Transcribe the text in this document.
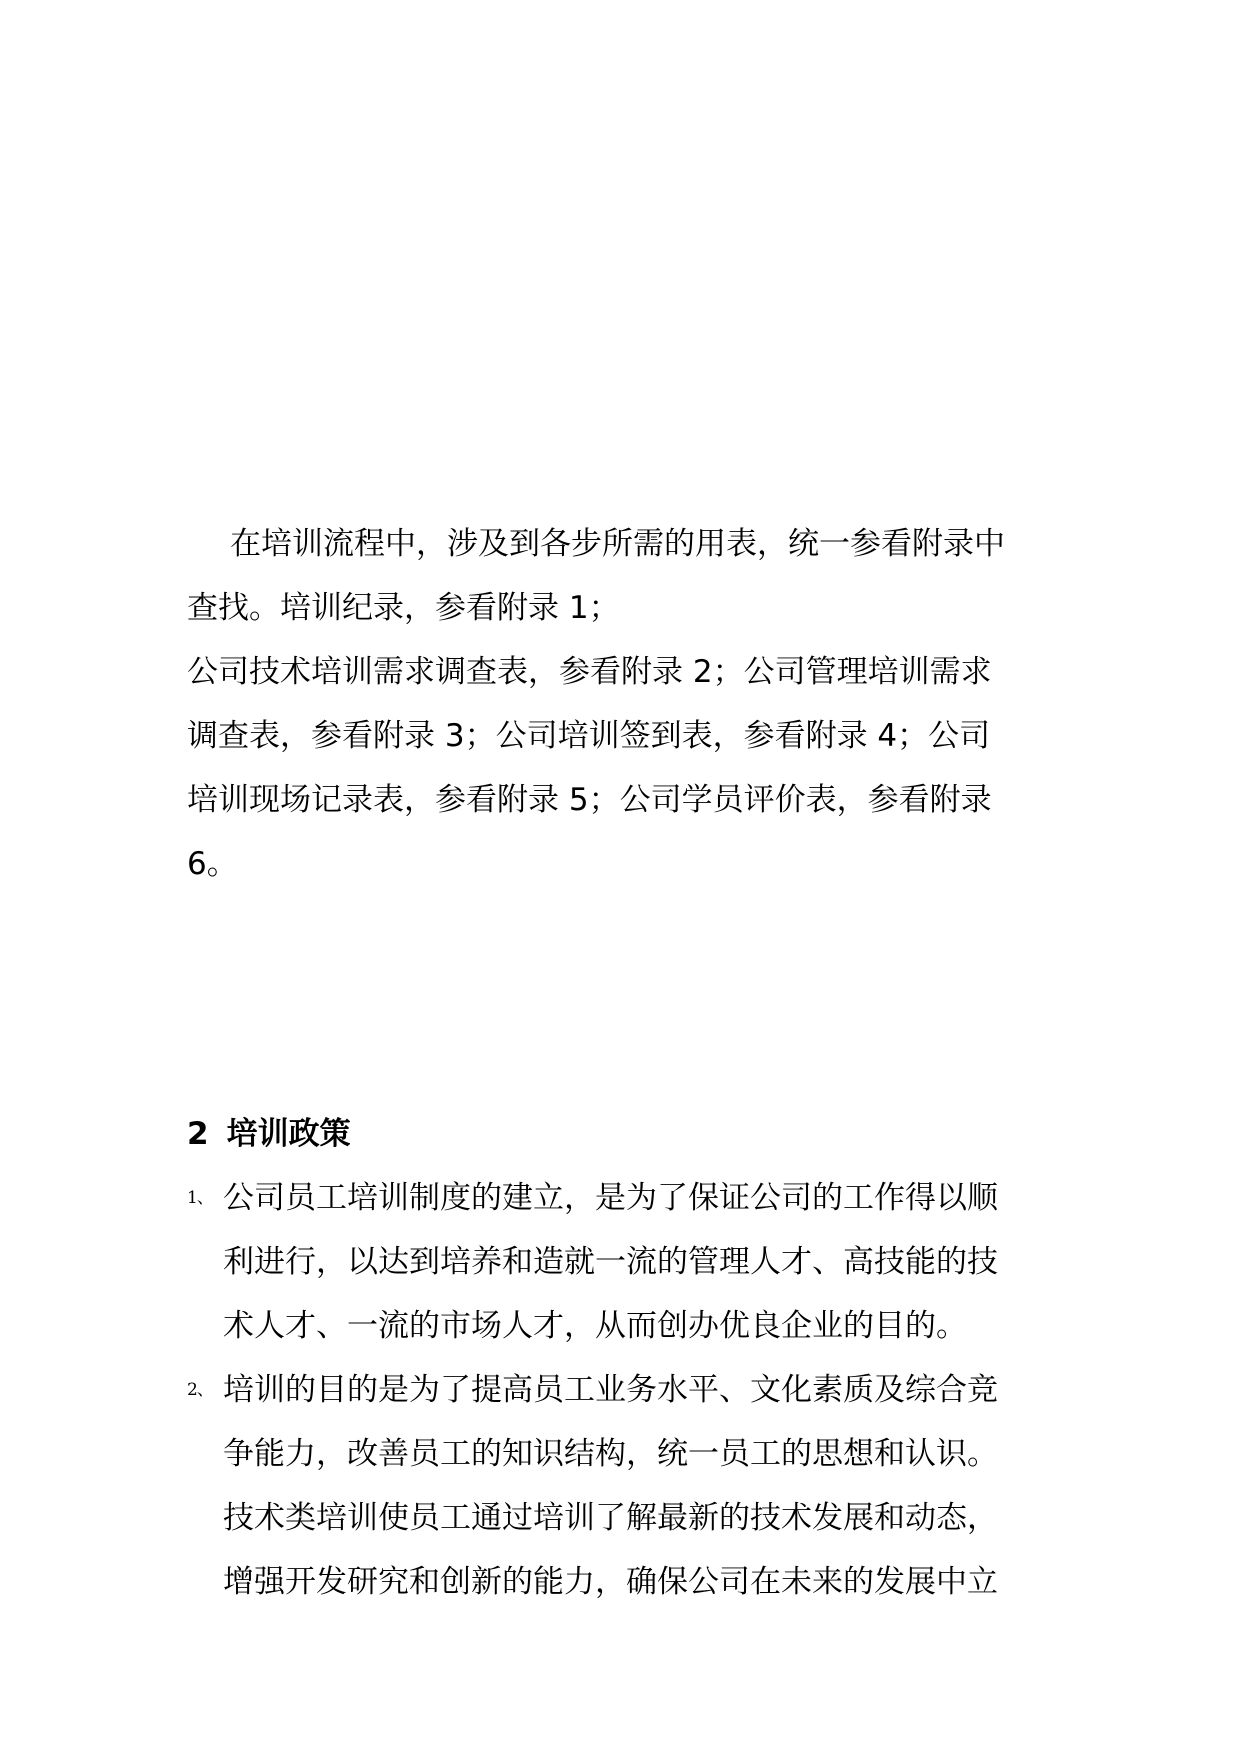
在培训流程中，涉及到各步所需的用表，统一参看附录中
查找。培训纪录，参看附录 1；
公司技术培训需求调查表，参看附录 2；公司管理培训需求
调查表，参看附录 3；公司培训签到表，参看附录 4；公司
培训现场记录表，参看附录 5；公司学员评价表，参看附录
6。
2 培训政策
1、 公司员工培训制度的建立，是为了保证公司的工作得以顺
利进行，以达到培养和造就一流的管理人才、高技能的技
术人才、一流的市场人才，从而创办优良企业的目的。
2、 培训的目的是为了提高员工业务水平、文化素质及综合竞
争能力，改善员工的知识结构，统一员工的思想和认识。
技术类培训使员工通过培训了解最新的技术发展和动态，
增强开发研究和创新的能力，确保公司在未来的发展中立
